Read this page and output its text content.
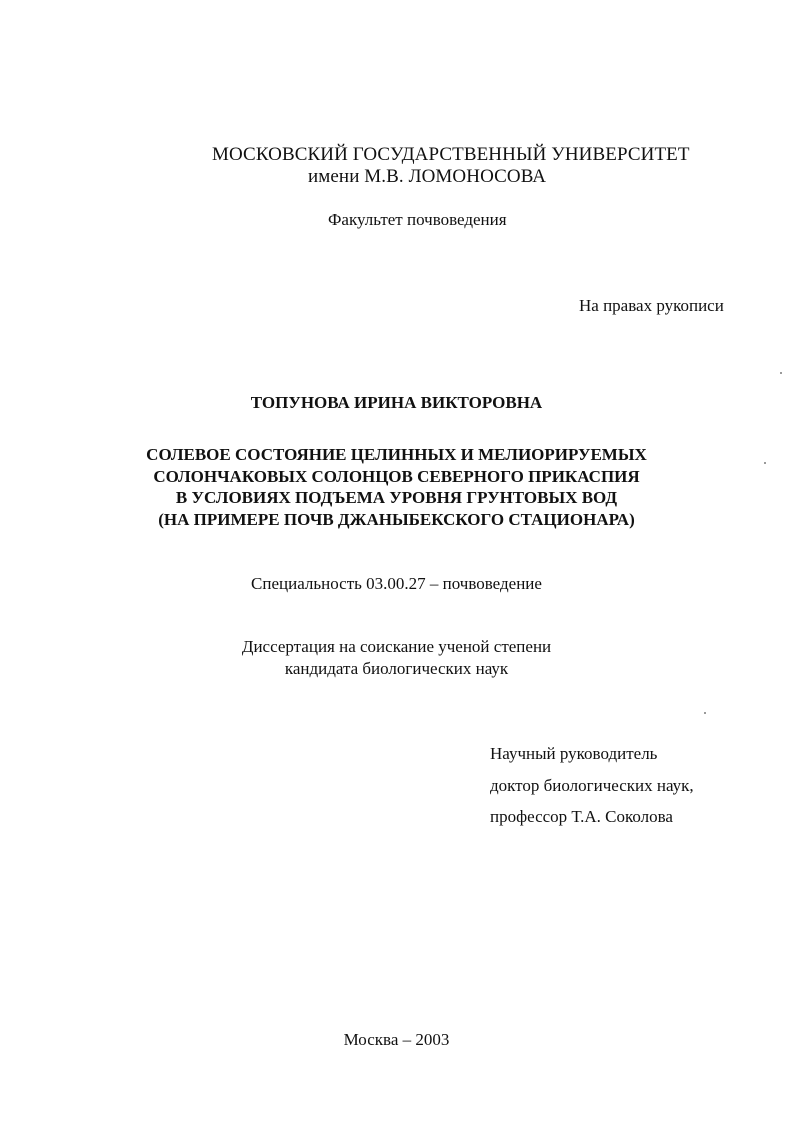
МОСКОВСКИЙ ГОСУДАРСТВЕННЫЙ УНИВЕРСИТЕТ
имени М.В. ЛОМОНОСОВА
Факультет почвоведения
На правах рукописи
ТОПУНОВА ИРИНА ВИКТОРОВНА
СОЛЕВОЕ СОСТОЯНИЕ ЦЕЛИННЫХ И МЕЛИОРИРУЕМЫХ
СОЛОНЧАКОВЫХ СОЛОНЦОВ СЕВЕРНОГО ПРИКАСПИЯ
В УСЛОВИЯХ ПОДЪЕМА УРОВНЯ ГРУНТОВЫХ ВОД
(НА ПРИМЕРЕ ПОЧВ ДЖАНЫБЕКСКОГО СТАЦИОНАРА)
Специальность 03.00.27 – почвоведение
Диссертация на соискание ученой степени
кандидата биологических наук
Научный руководитель
доктор биологических наук,
профессор Т.А. Соколова
Москва – 2003
